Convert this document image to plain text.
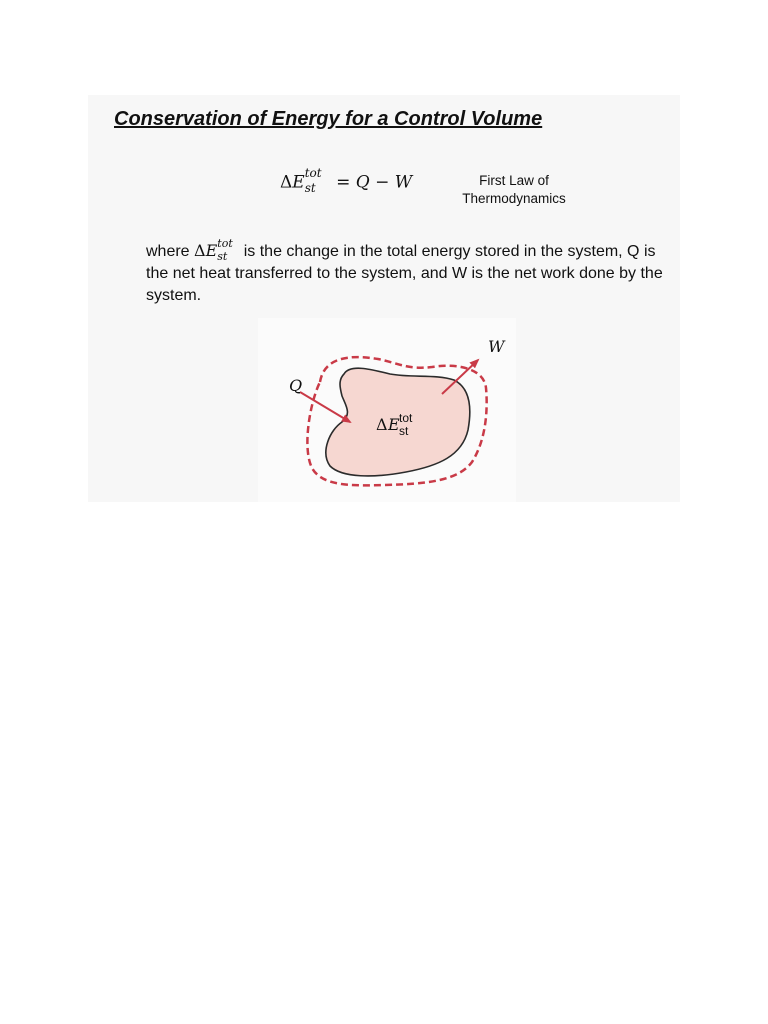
Conservation of Energy for a Control Volume
ΔE tot
st = Q − W	First Law of
Thermodynamics
where ΔE tot
st is the change in the total energy stored in the system, Q is the net heat transferred to the system, and W is the net work done by the system.
Q
W
Δ E tot
st
